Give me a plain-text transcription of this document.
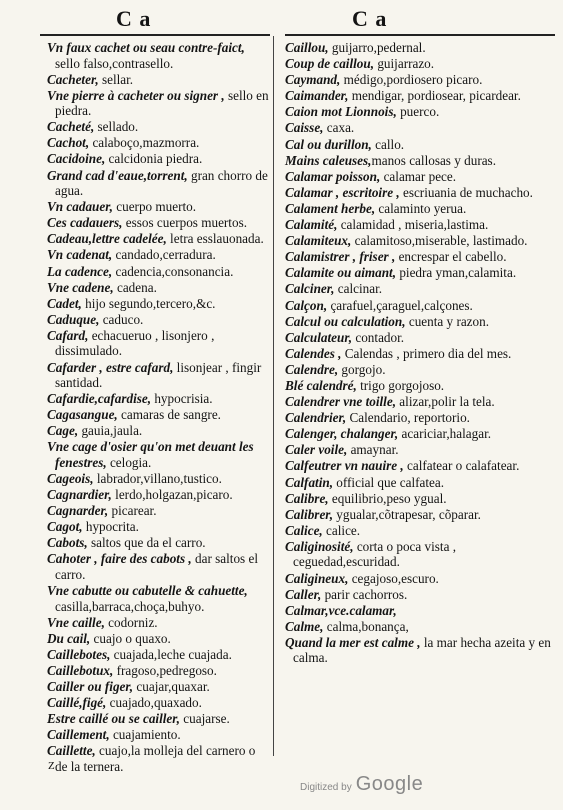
C a	C a
Vn faux cachet ou seau contre-faict, sello falso,contrasello.
Cacheter, sellar.
Vne pierre à cacheter ou signer , sello en piedra.
Cacheté, sellado.
Cachot, calaboço,mazmorra.
Cacidoine, calcidonia piedra.
Grand cad d'eaue,torrent, gran chorro de agua.
Vn cadauer, cuerpo muerto.
Ces cadauers, essos cuerpos muertos.
Cadeau,lettre cadelée, letra esslauonada.
Vn cadenat, candado,cerradura.
La cadence, cadencia,consonancia.
Vne cadene, cadena.
Cadet, hijo segundo,tercero,&c.
Caduque, caduco.
Cafard, echacueruo , lisonjero , dissimulado.
Cafarder , estre cafard, lisonjear , fingir santidad.
Cafardie,cafardise, hypocrisia.
Cagasangue, camaras de sangre.
Cage, gauia,jaula.
Vne cage d'osier qu'on met deuant les fenestres, celogia.
Cageois, labrador,villano,tustico.
Cagnardier, lerdo,holgazan,picaro.
Cagnarder, picarear.
Cagot, hypocrita.
Cabots, saltos que da el carro.
Cahoter , faire des cabots , dar saltos el carro.
Vne cabutte ou cabutelle & cahuette, casilla,barraca,choça,buhyo.
Vne caille, codorniz.
Du cail, cuajo o quaxo.
Caillebotes, cuajada,leche cuajada.
Caillebotux, fragoso,pedregoso.
Cailler ou figer, cuajar,quaxar.
Caillé,figé, cuajado,quaxado.
Estre caillé ou se cailler, cuajarse.
Caillement, cuajamiento.
Caillette, cuajo,la molleja del carnero o de la ternera.
Caillou, guijarro,pedernal.
Coup de caillou, guijarrazo.
Caymand, médigo,pordiosero picaro.
Caimander, mendigar, pordiosear, picardear.
Caion mot Lionnois, puerco.
Caisse, caxa.
Cal ou durillon, callo.
Mains caleuses,manos callosas y duras.
Calamar poisson, calamar pece.
Calamar , escritoire , escriuania de muchacho.
Calament herbe, calaminto yerua.
Calamité, calamidad , miseria,lastima.
Calamiteux, calamitoso,miserable, lastimado.
Calamistrer , friser , encrespar el cabello.
Calamite ou aimant, piedra yman,calamita.
Calciner, calcinar.
Calçon, çarafuel,çaraguel,calçones.
Calcul ou calculation, cuenta y razon.
Calculateur, contador.
Calendes , Calendas , primero dia del mes.
Calendre, gorgojo.
Blé calendré, trigo gorgojoso.
Calendrer vne toille, alizar,polir la tela.
Calendrier, Calendario, reportorio.
Calenger, chalanger, acariciar,halagar.
Caler voile, amaynar.
Calfeutrer vn nauire , calfatear o calafatear.
Calfatin, official que calfatea.
Calibre, equilibrio,peso ygual.
Calibrer, ygualar,cõtrapesar, cõparar.
Calice, calice.
Caliginosité, corta o poca vista , ceguedad,escuridad.
Caligineux, cegajoso,escuro.
Caller, parir cachorros.
Calmar,vce.calamar,
Calme, calma,bonança,
Quand la mer est calme , la mar hecha azeita y en calma.
Z
Digitized by Google
